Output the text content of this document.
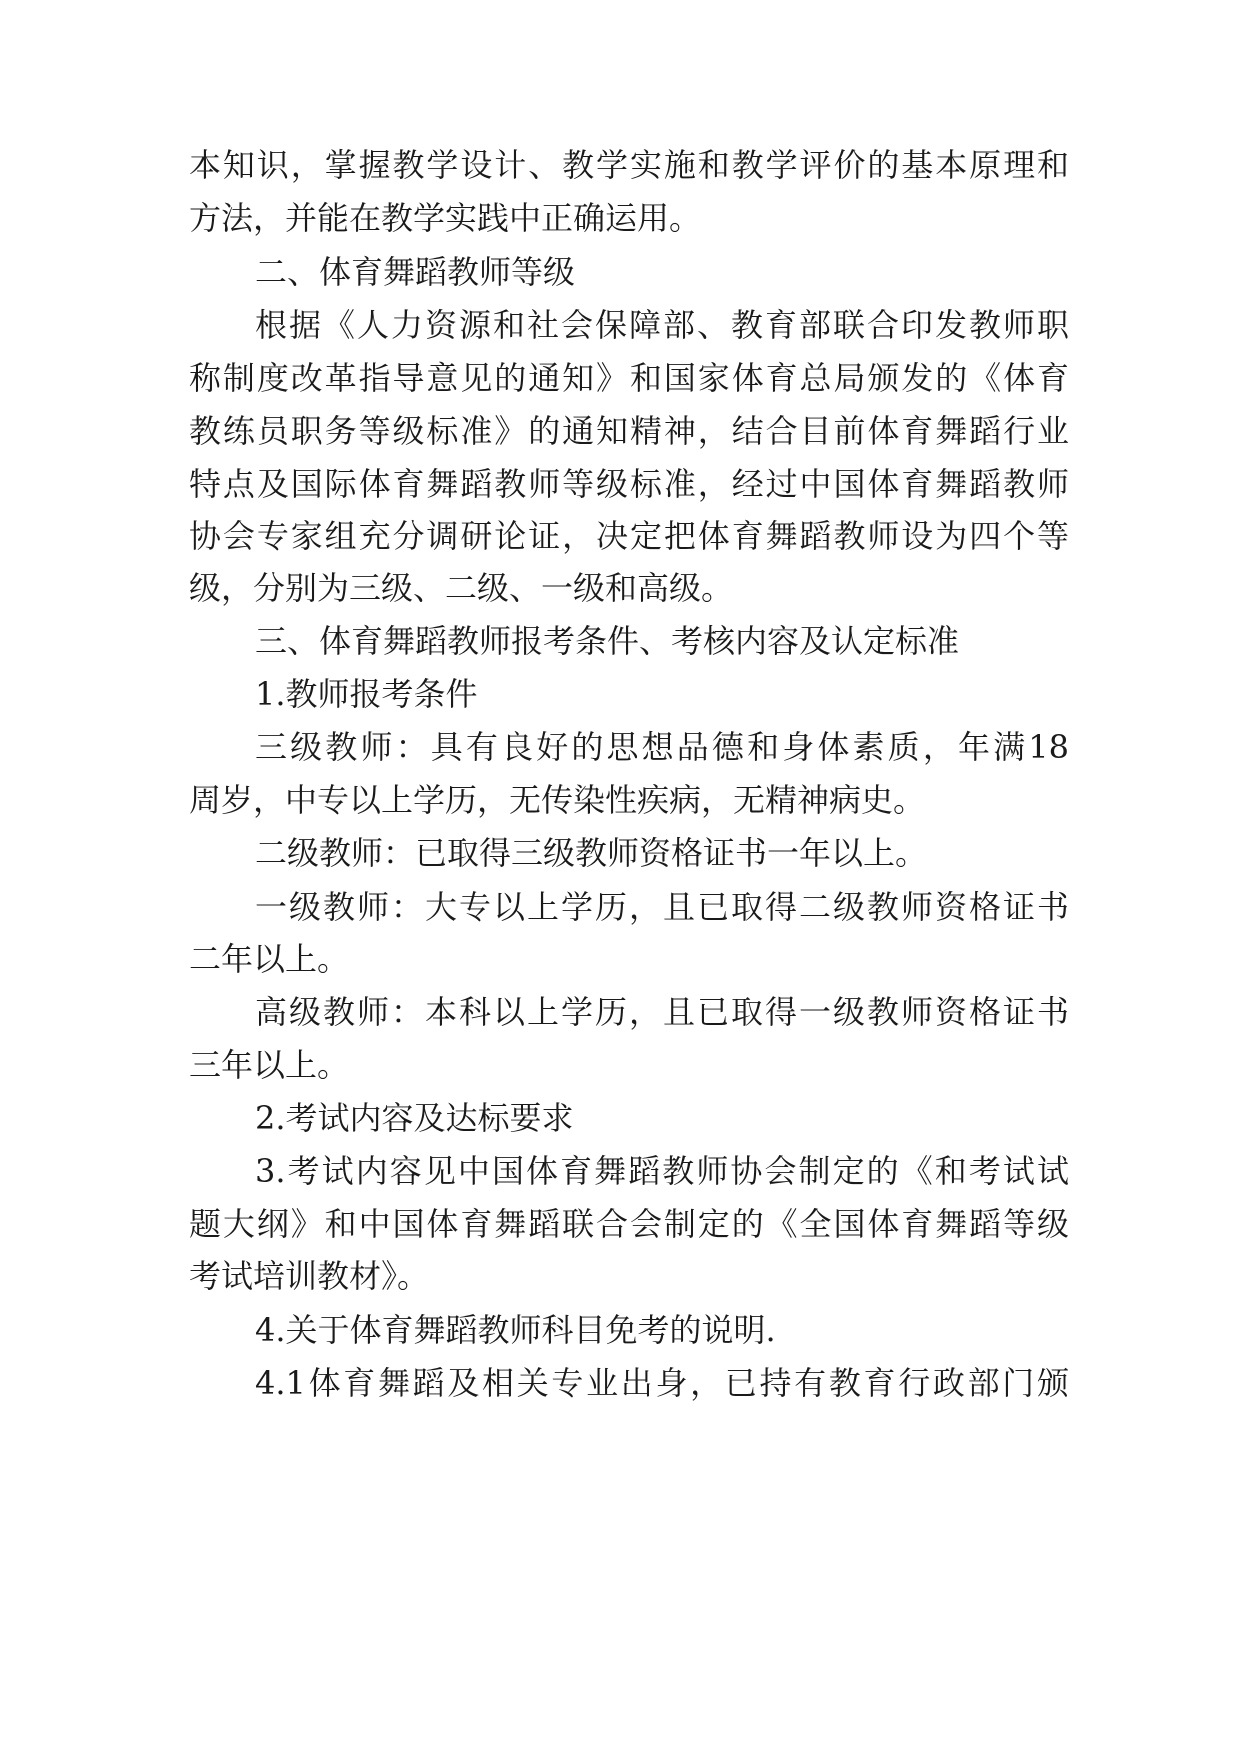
本知识，掌握教学设计、教学实施和教学评价的基本原理和
方法，并能在教学实践中正确运用。
二、体育舞蹈教师等级
根据《人力资源和社会保障部、教育部联合印发教师职
称制度改革指导意见的通知》和国家体育总局颁发的《体育
教练员职务等级标准》的通知精神，结合目前体育舞蹈行业
特点及国际体育舞蹈教师等级标准，经过中国体育舞蹈教师
协会专家组充分调研论证，决定把体育舞蹈教师设为四个等
级，分别为三级、二级、一级和高级。
三、体育舞蹈教师报考条件、考核内容及认定标准
1.教师报考条件
三级教师：具有良好的思想品德和身体素质，年满18
周岁，中专以上学历，无传染性疾病，无精神病史。
二级教师：已取得三级教师资格证书一年以上。
一级教师：大专以上学历，且已取得二级教师资格证书
二年以上。
高级教师：本科以上学历，且已取得一级教师资格证书
三年以上。
2.考试内容及达标要求
3.考试内容见中国体育舞蹈教师协会制定的《和考试试
题大纲》和中国体育舞蹈联合会制定的《全国体育舞蹈等级
考试培训教材》。
4.关于体育舞蹈教师科目免考的说明.
4.1体育舞蹈及相关专业出身，已持有教育行政部门颁
